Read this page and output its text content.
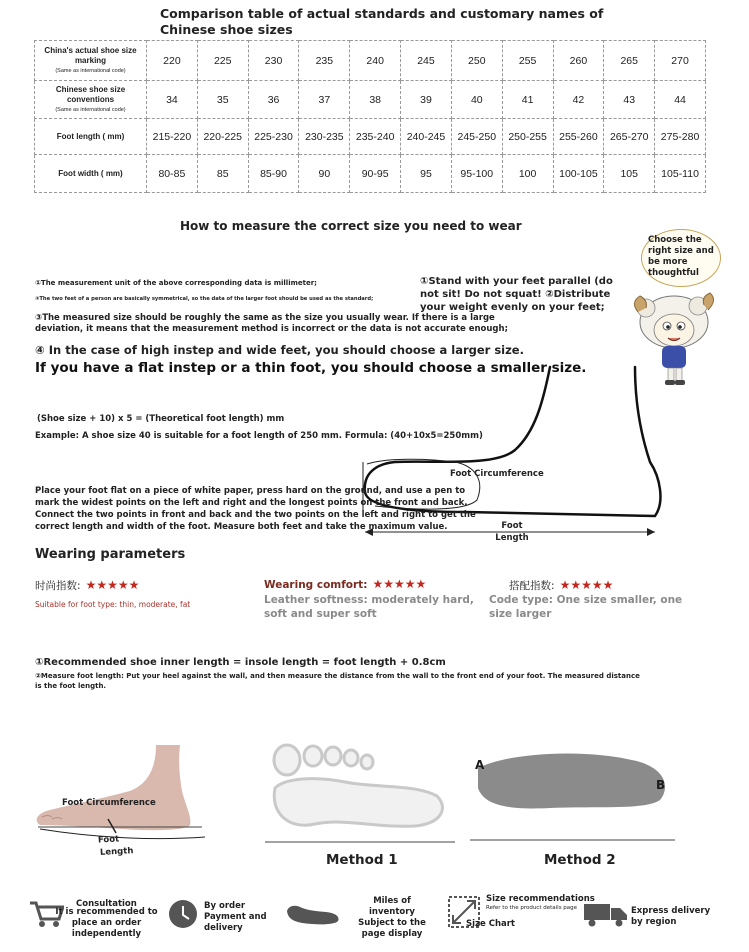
Comparison table of actual standards and customary names of Chinese shoe sizes
China's actual shoe size marking
(Same as international code)	220	225	230	235	240	245	250	255	260	265	270
Chinese shoe size conventions
(Same as international code)	34	35	36	37	38	39	40	41	42	43	44
Foot length ( mm)	215-220	220-225	225-230	230-235	235-240	240-245	245-250	250-255	255-260	265-270	275-280
Foot width ( mm)	80-85	85	85-90	90	90-95	95	95-100	100	100-105	105	105-110
How to measure the correct size you need to wear
①The measurement unit of the above corresponding data is millimeter;
②The two feet of a person are basically symmetrical, so the data of the larger foot should be used as the standard;
③The measured size should be roughly the same as the size you usually wear. If there is a large deviation, it means that the measurement method is incorrect or the data is not accurate enough;
④ In the case of high instep and wide feet, you should choose a larger size.
If you have a flat instep or a thin foot, you should choose a smaller size.
①Stand with your feet parallel (do not sit! Do not squat! ②Distribute your weight evenly on your feet;
Choose the right size and be more thoughtful
(Shoe size + 10) x 5 = (Theoretical foot length) mm
Example: A shoe size 40 is suitable for a foot length of 250 mm. Formula: (40+10x5=250mm)
Foot Circumference
Foot Length
Place your foot flat on a piece of white paper, press hard on the ground, and use a pen to mark the widest points on the left and right and the longest points on the front and back. Connect the two points in front and back and the two points on the left and right to get the correct length and width of the foot. Measure both feet and take the maximum value.
Wearing parameters
时尚指数: ★★★★★
Suitable for foot type: thin, moderate, fat
Wearing comfort: ★★★★★
Leather softness: moderately hard, soft and super soft
搭配指数: ★★★★★
Code type: One size smaller, one size larger
①Recommended shoe inner length = insole length = foot length + 0.8cm
②Measure foot length: Put your heel against the wall, and then measure the distance from the wall to the front end of your foot. The measured distance is the foot length.
Foot Circumference
Foot
Length	Method 1
A
B
Method 2
Consultation
It is recommended to place an order independently
By order Payment and delivery
Miles of inventory Subject to the page display
Size recommendations
Refer to the product details page
Size Chart
Express delivery by region
